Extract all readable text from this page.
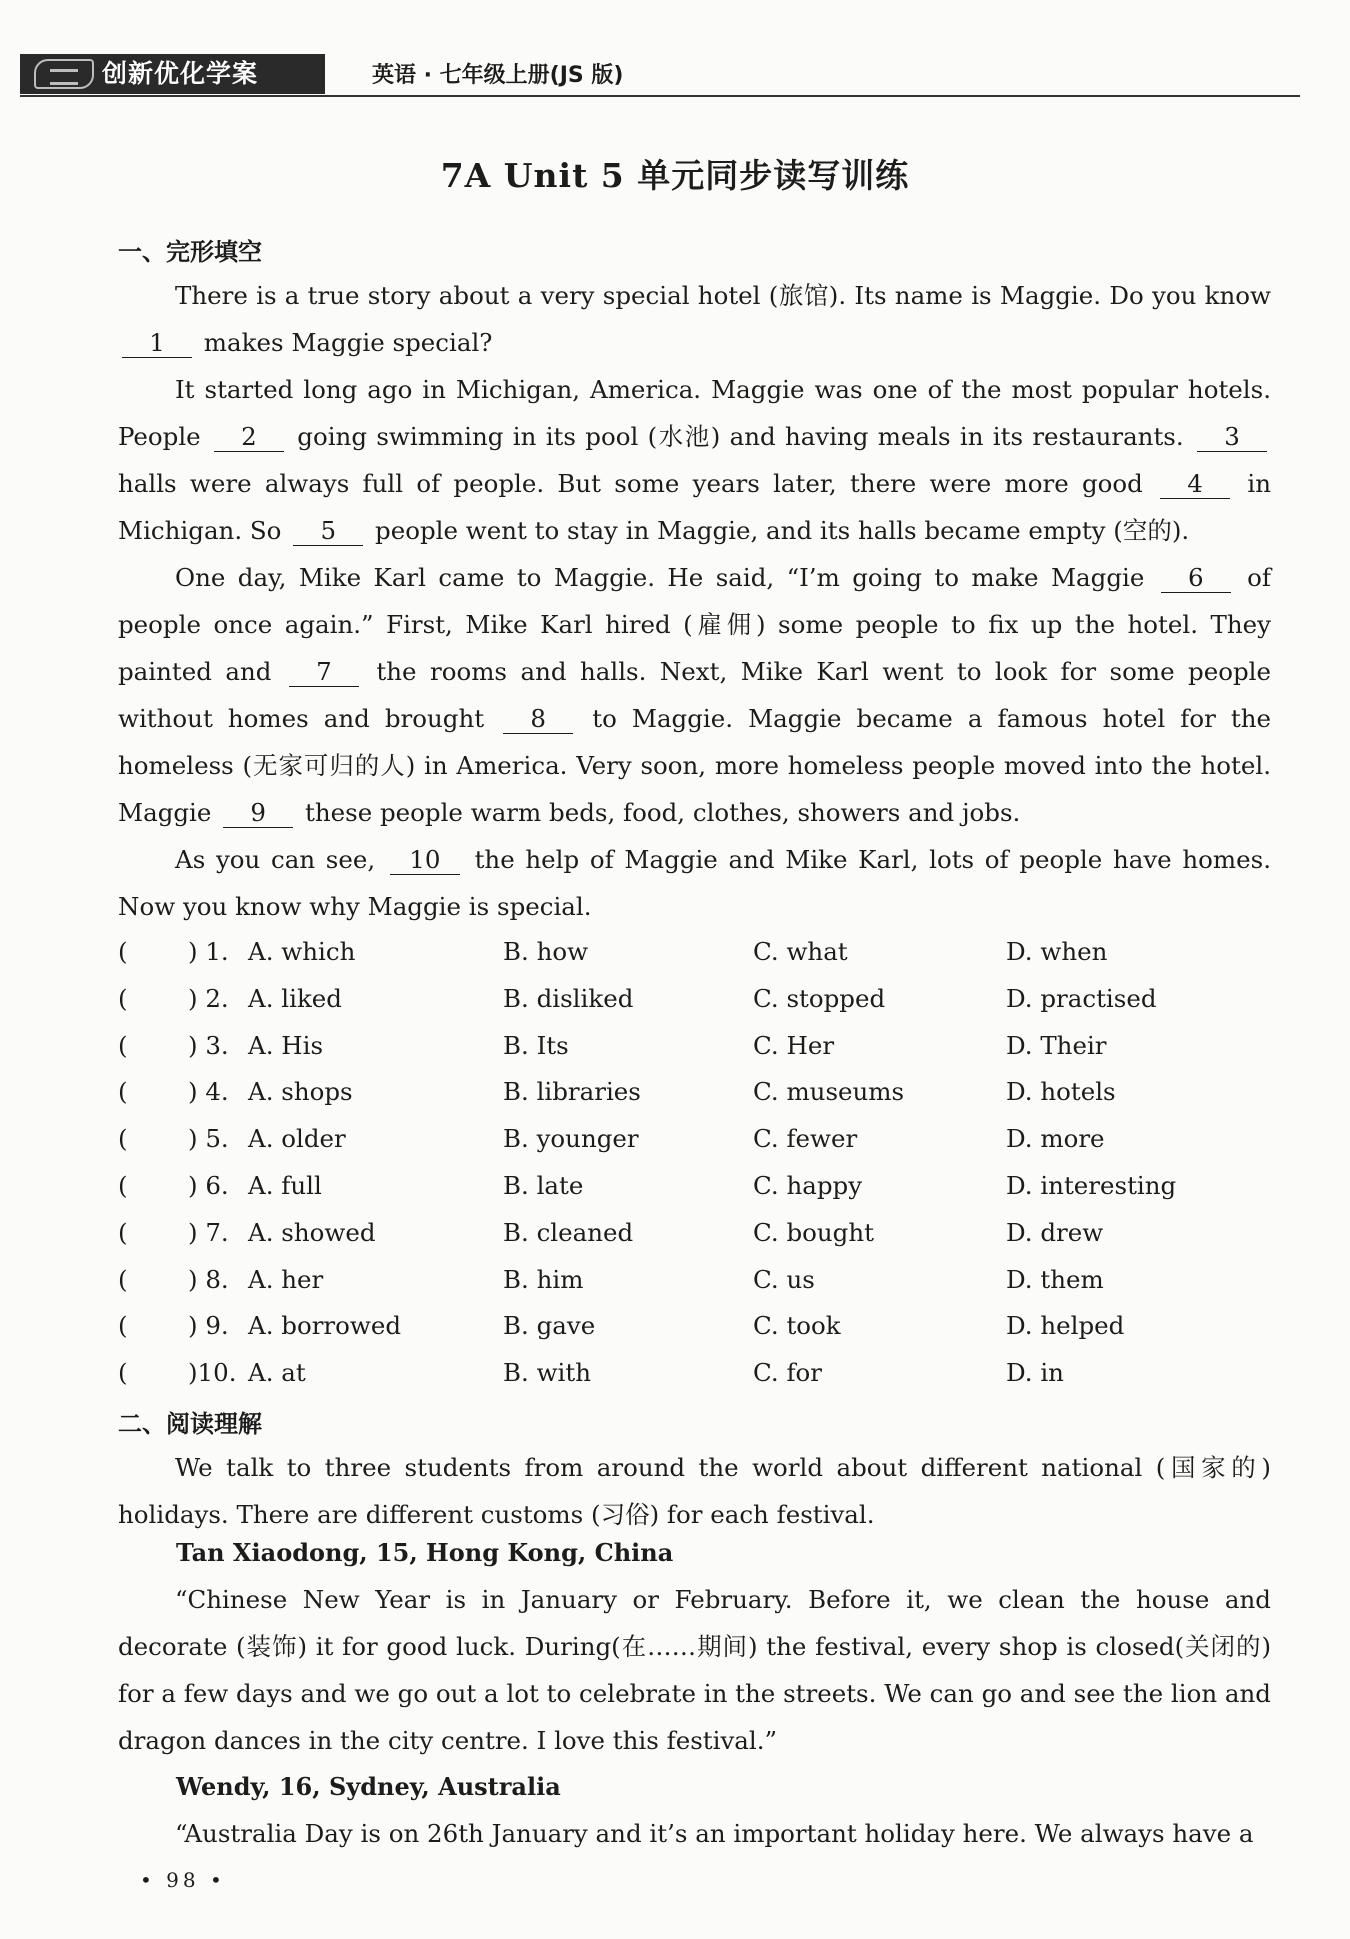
创新优化学案	英语 · 七年级上册(JS 版)
7A Unit 5 单元同步读写训练
一、完形填空

There is a true story about a very special hotel (旅馆). Its name is Maggie. Do you know 1 makes Maggie special?

It started long ago in Michigan, America. Maggie was one of the most popular hotels. People 2 going swimming in its pool (水池) and having meals in its restaurants. 3 halls were always full of people. But some years later, there were more good 4 in Michigan. So 5 people went to stay in Maggie, and its halls became empty (空的).

One day, Mike Karl came to Maggie. He said, “I’m going to make Maggie 6 of people once again.” First, Mike Karl hired (雇佣) some people to fix up the hotel. They painted and 7 the rooms and halls. Next, Mike Karl went to look for some people without homes and brought 8 to Maggie. Maggie became a famous hotel for the homeless (无家可归的人) in America. Very soon, more homeless people moved into the hotel. Maggie 9 these people warm beds, food, clothes, showers and jobs.

As you can see, 10 the help of Maggie and Mike Karl, lots of people have homes. Now you know why Maggie is special.

( ) 1. A. which	B. how	C. what	D. when
( ) 2. A. liked	B. disliked	C. stopped	D. practised
( ) 3. A. His	B. Its	C. Her	D. Their
( ) 4. A. shops	B. libraries	C. museums	D. hotels
( ) 5. A. older	B. younger	C. fewer	D. more
( ) 6. A. full	B. late	C. happy	D. interesting
( ) 7. A. showed	B. cleaned	C. bought	D. drew
( ) 8. A. her	B. him	C. us	D. them
( ) 9. A. borrowed	B. gave	C. took	D. helped
( )10. A. at	B. with	C. for	D. in
二、阅读理解

We talk to three students from around the world about different national (国家的) holidays. There are different customs (习俗) for each festival.

Tan Xiaodong, 15, Hong Kong, China

“Chinese New Year is in January or February. Before it, we clean the house and decorate (装饰) it for good luck. During(在……期间) the festival, every shop is closed(关闭的) for a few days and we go out a lot to celebrate in the streets. We can go and see the lion and dragon dances in the city centre. I love this festival.”

Wendy, 16, Sydney, Australia

“Australia Day is on 26th January and it’s an important holiday here. We always have a

• 98 •
